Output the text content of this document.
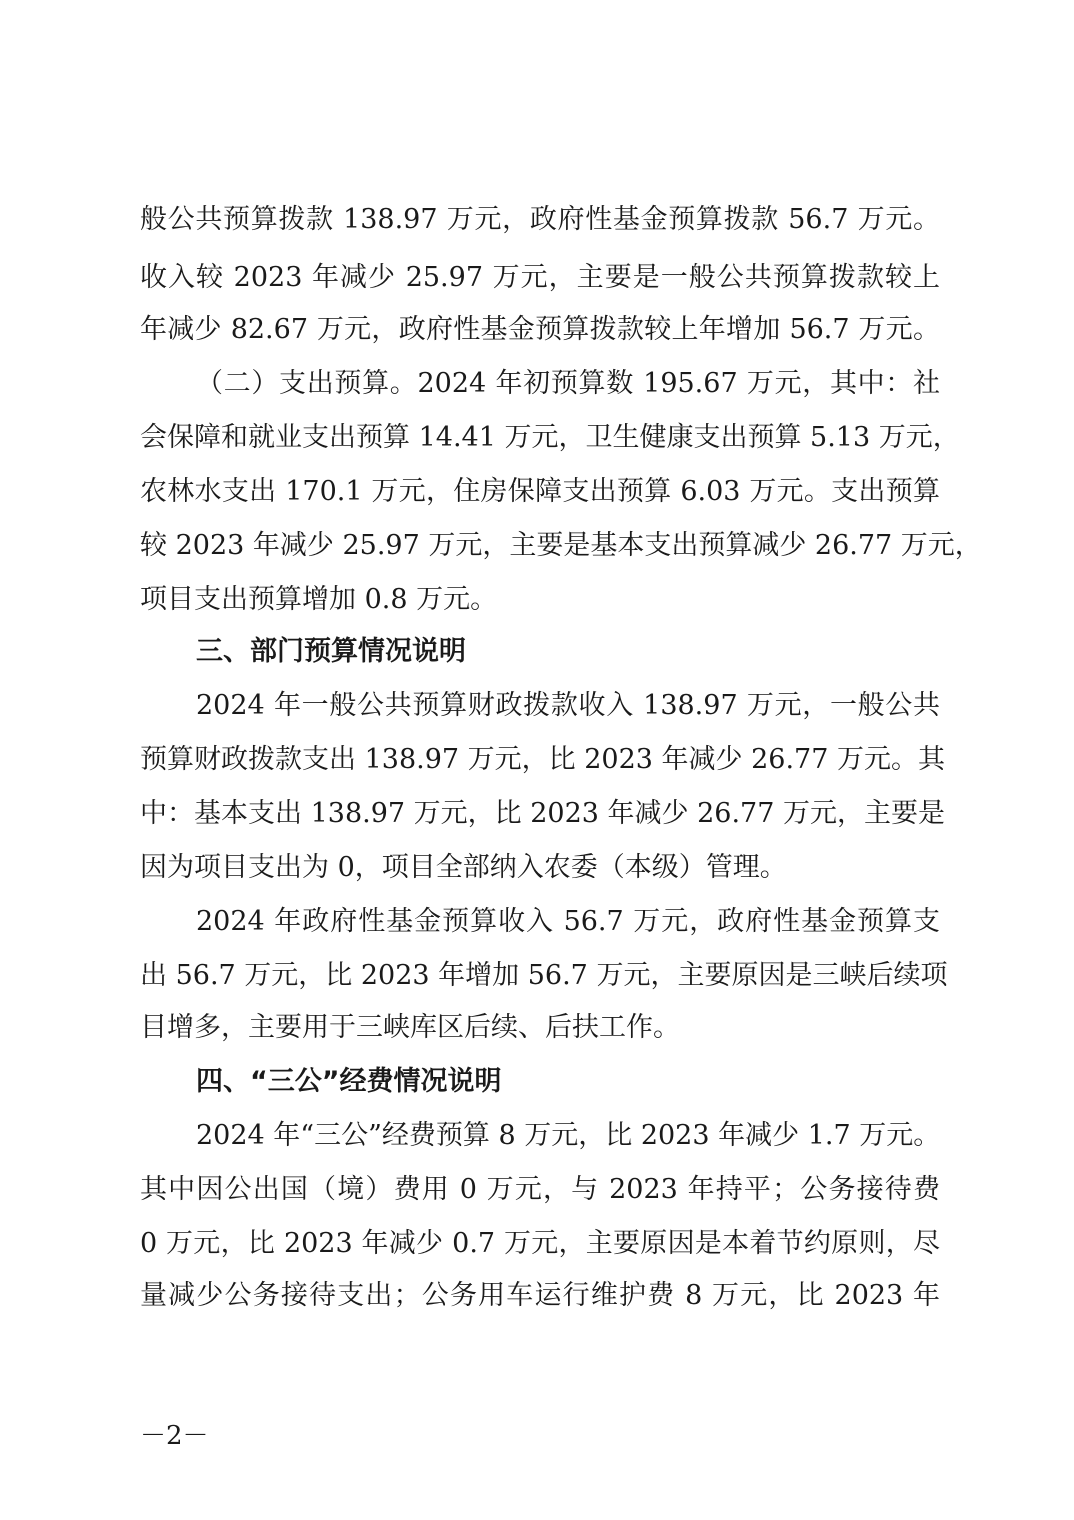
般公共预算拨款 138.97 万元，政府性基金预算拨款 56.7 万元。
收入较 2023 年减少 25.97 万元，主要是一般公共预算拨款较上
年减少 82.67 万元，政府性基金预算拨款较上年增加 56.7 万元。
（二）支出预算。2024 年初预算数 195.67 万元，其中：社
会保障和就业支出预算 14.41 万元，卫生健康支出预算 5.13 万元，
农林水支出 170.1 万元，住房保障支出预算 6.03 万元。支出预算
较 2023 年减少 25.97 万元，主要是基本支出预算减少 26.77 万元，
项目支出预算增加 0.8 万元。
三、部门预算情况说明
2024 年一般公共预算财政拨款收入 138.97 万元，一般公共
预算财政拨款支出 138.97 万元，比 2023 年减少 26.77 万元。其
中：基本支出 138.97 万元，比 2023 年减少 26.77 万元，主要是
因为项目支出为 0，项目全部纳入农委（本级）管理。
2024 年政府性基金预算收入 56.7 万元，政府性基金预算支
出 56.7 万元，比 2023 年增加 56.7 万元，主要原因是三峡后续项
目增多，主要用于三峡库区后续、后扶工作。
四、“三公”经费情况说明
2024 年“三公”经费预算 8 万元，比 2023 年减少 1.7 万元。
其中因公出国（境）费用 0 万元，与 2023 年持平；公务接待费
0 万元，比 2023 年减少 0.7 万元，主要原因是本着节约原则，尽
量减少公务接待支出；公务用车运行维护费 8 万元，比 2023 年
－2－
